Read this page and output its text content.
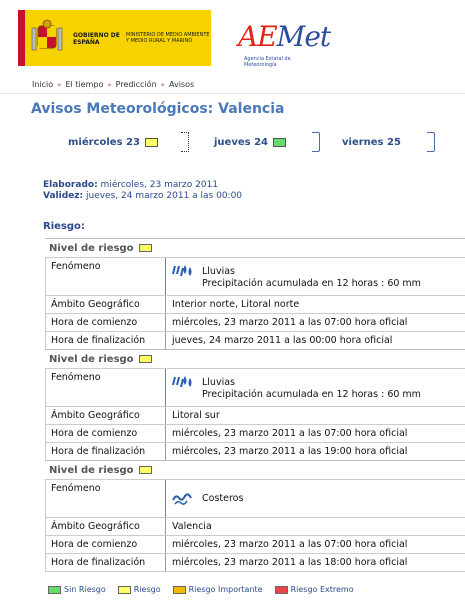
GOBIERNO DE ESPAÑA
MINISTERIO DE MEDIO AMBIENTE Y MEDIO RURAL Y MARINO	AEMet
Agencia Estatal de Meteorología
Inicio » El tiempo » Predicción » Avisos
Avisos Meteorológicos: Valencia
miércoles 23	jueves 24	viernes 25
Elaborado: miércoles, 23 marzo 2011
Validez: jueves, 24 marzo 2011 a las 00:00
Riesgo:
Nivel de riesgo
Fenómeno	Lluvias
Precipitación acumulada en 12 horas : 60 mm
Ámbito Geográfico	Interior norte, Litoral norte
Hora de comienzo	miércoles, 23 marzo 2011 a las 07:00 hora oficial
Hora de finalización	jueves, 24 marzo 2011 a las 00:00 hora oficial
Nivel de riesgo
Fenómeno	Lluvias
Precipitación acumulada en 12 horas : 60 mm
Ámbito Geográfico	Litoral sur
Hora de comienzo	miércoles, 23 marzo 2011 a las 07:00 hora oficial
Hora de finalización	miércoles, 23 marzo 2011 a las 19:00 hora oficial
Nivel de riesgo
Fenómeno
Costeros
Ámbito Geográfico	Valencia
Hora de comienzo	miércoles, 23 marzo 2011 a las 07:00 hora oficial
Hora de finalización	miércoles, 23 marzo 2011 a las 18:00 hora oficial
Sin Riesgo	Riesgo	Riesgo Importante	Riesgo Extremo
